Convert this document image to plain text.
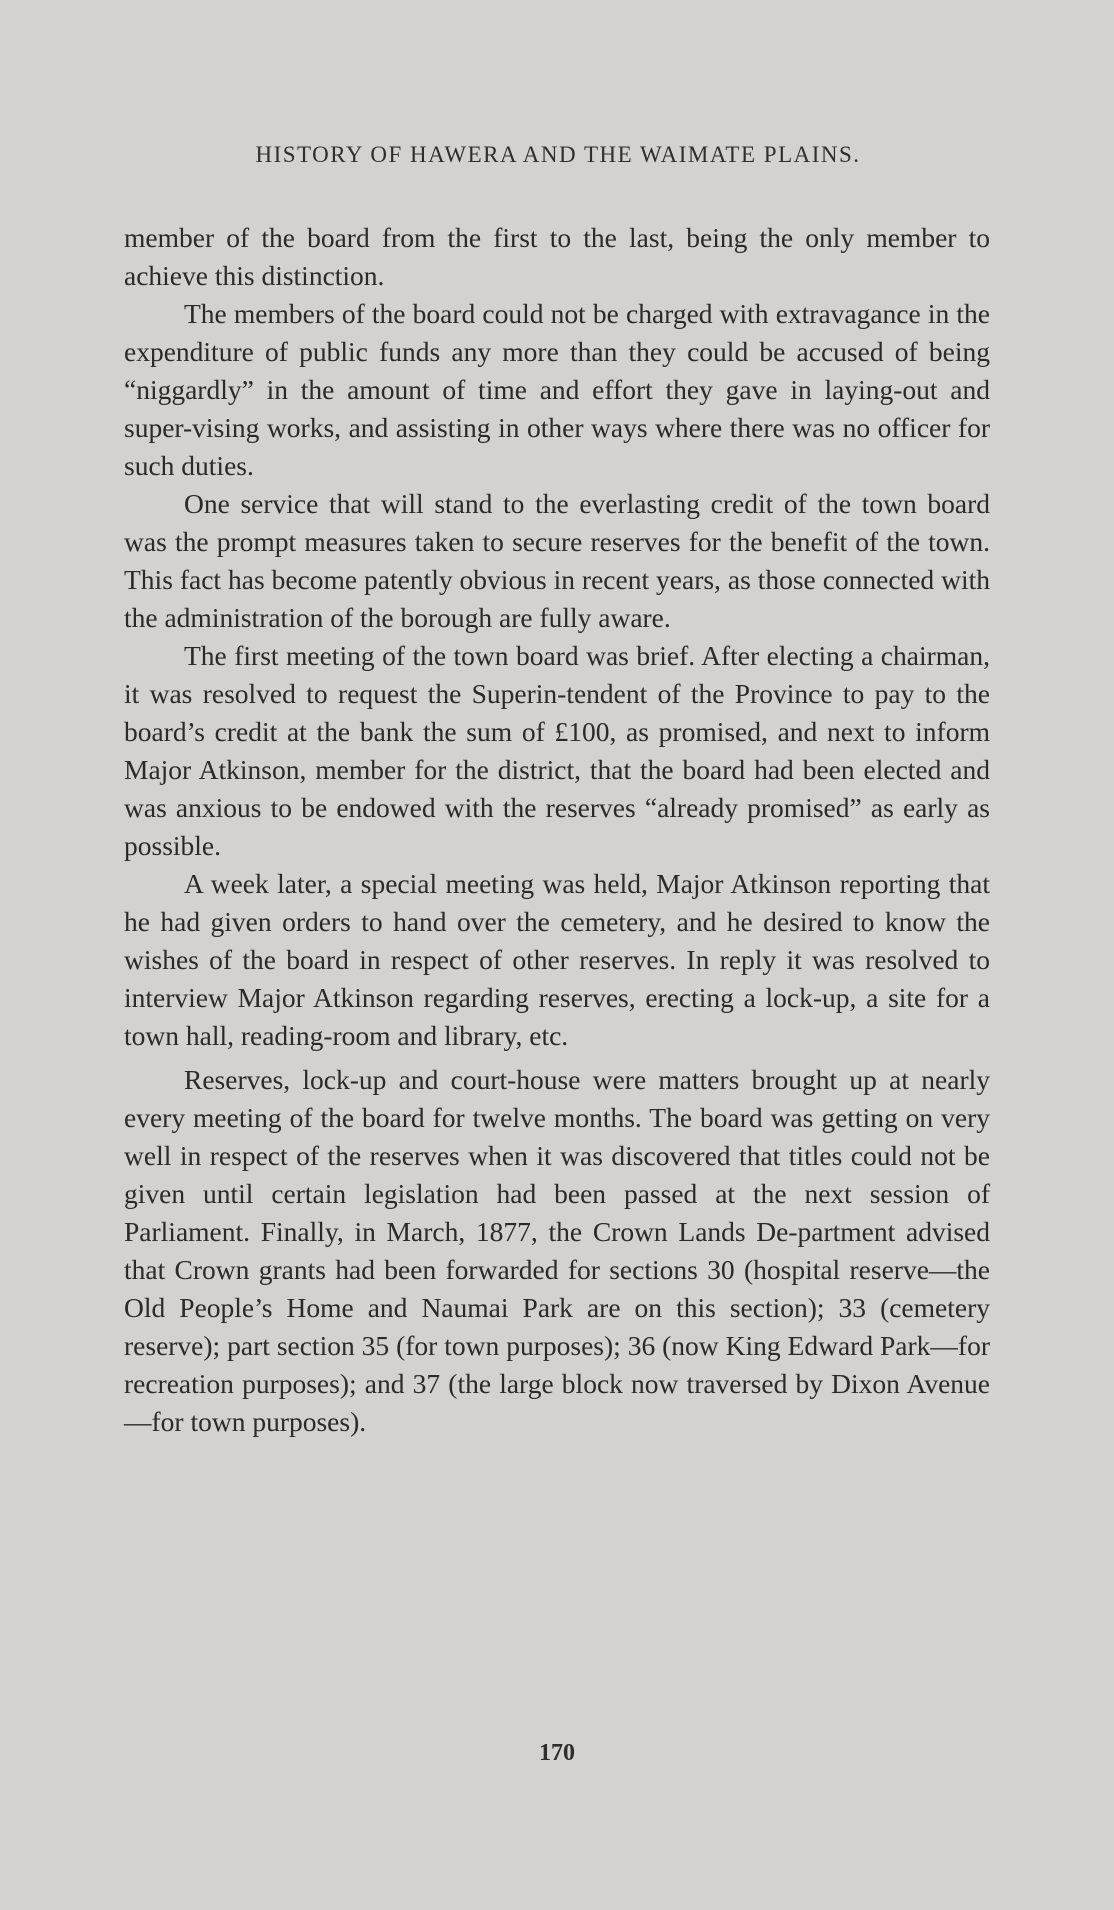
HISTORY OF HAWERA AND THE WAIMATE PLAINS.

member of the board from the first to the last, being the only member to achieve this distinction.

The members of the board could not be charged with extravagance in the expenditure of public funds any more than they could be accused of being “niggardly” in the amount of time and effort they gave in laying-out and super-vising works, and assisting in other ways where there was no officer for such duties.

One service that will stand to the everlasting credit of the town board was the prompt measures taken to secure reserves for the benefit of the town. This fact has become patently obvious in recent years, as those connected with the administration of the borough are fully aware.

The first meeting of the town board was brief. After electing a chairman, it was resolved to request the Superin-tendent of the Province to pay to the board’s credit at the bank the sum of £100, as promised, and next to inform Major Atkinson, member for the district, that the board had been elected and was anxious to be endowed with the reserves “already promised” as early as possible.

A week later, a special meeting was held, Major Atkinson reporting that he had given orders to hand over the cemetery, and he desired to know the wishes of the board in respect of other reserves. In reply it was resolved to interview Major Atkinson regarding reserves, erecting a lock-up, a site for a town hall, reading-room and library, etc.

Reserves, lock-up and court-house were matters brought up at nearly every meeting of the board for twelve months. The board was getting on very well in respect of the reserves when it was discovered that titles could not be given until certain legislation had been passed at the next session of Parliament. Finally, in March, 1877, the Crown Lands De-partment advised that Crown grants had been forwarded for sections 30 (hospital reserve—the Old People’s Home and Naumai Park are on this section); 33 (cemetery reserve); part section 35 (for town purposes); 36 (now King Edward Park—for recreation purposes); and 37 (the large block now traversed by Dixon Avenue—for town purposes).

170
